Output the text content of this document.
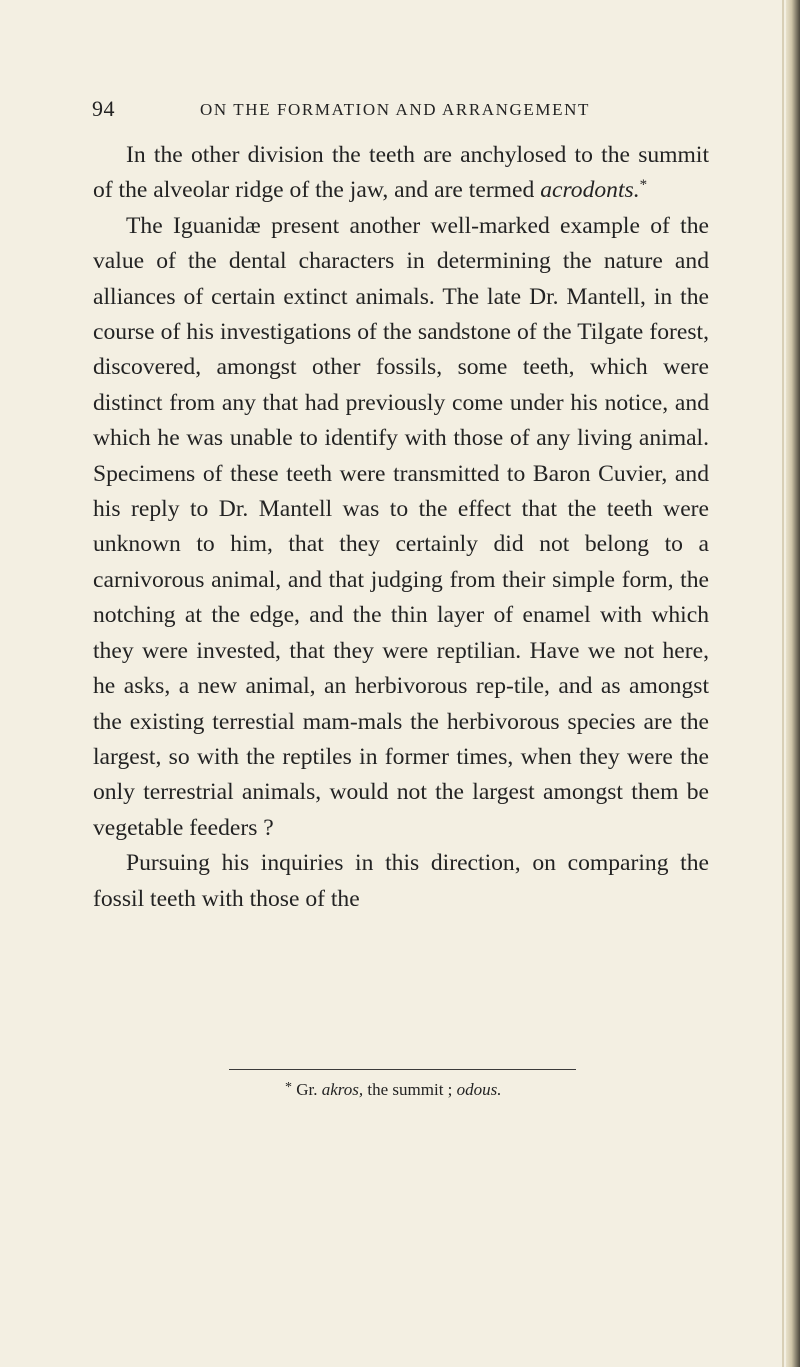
94	ON THE FORMATION AND ARRANGEMENT

In the other division the teeth are anchylosed to the summit of the alveolar ridge of the jaw, and are termed acrodonts.*

The Iguanidæ present another well-marked example of the value of the dental characters in determining the nature and alliances of certain extinct animals. The late Dr. Mantell, in the course of his investigations of the sandstone of the Tilgate forest, discovered, amongst other fossils, some teeth, which were distinct from any that had previously come under his notice, and which he was unable to identify with those of any living animal. Specimens of these teeth were transmitted to Baron Cuvier, and his reply to Dr. Mantell was to the effect that the teeth were unknown to him, that they certainly did not belong to a carnivorous animal, and that judging from their simple form, the notching at the edge, and the thin layer of enamel with which they were invested, that they were reptilian. Have we not here, he asks, a new animal, an herbivorous rep-tile, and as amongst the existing terrestial mam-mals the herbivorous species are the largest, so with the reptiles in former times, when they were the only terrestrial animals, would not the largest amongst them be vegetable feeders ?

Pursuing his inquiries in this direction, on comparing the fossil teeth with those of the

* Gr. akros, the summit ; odous.
